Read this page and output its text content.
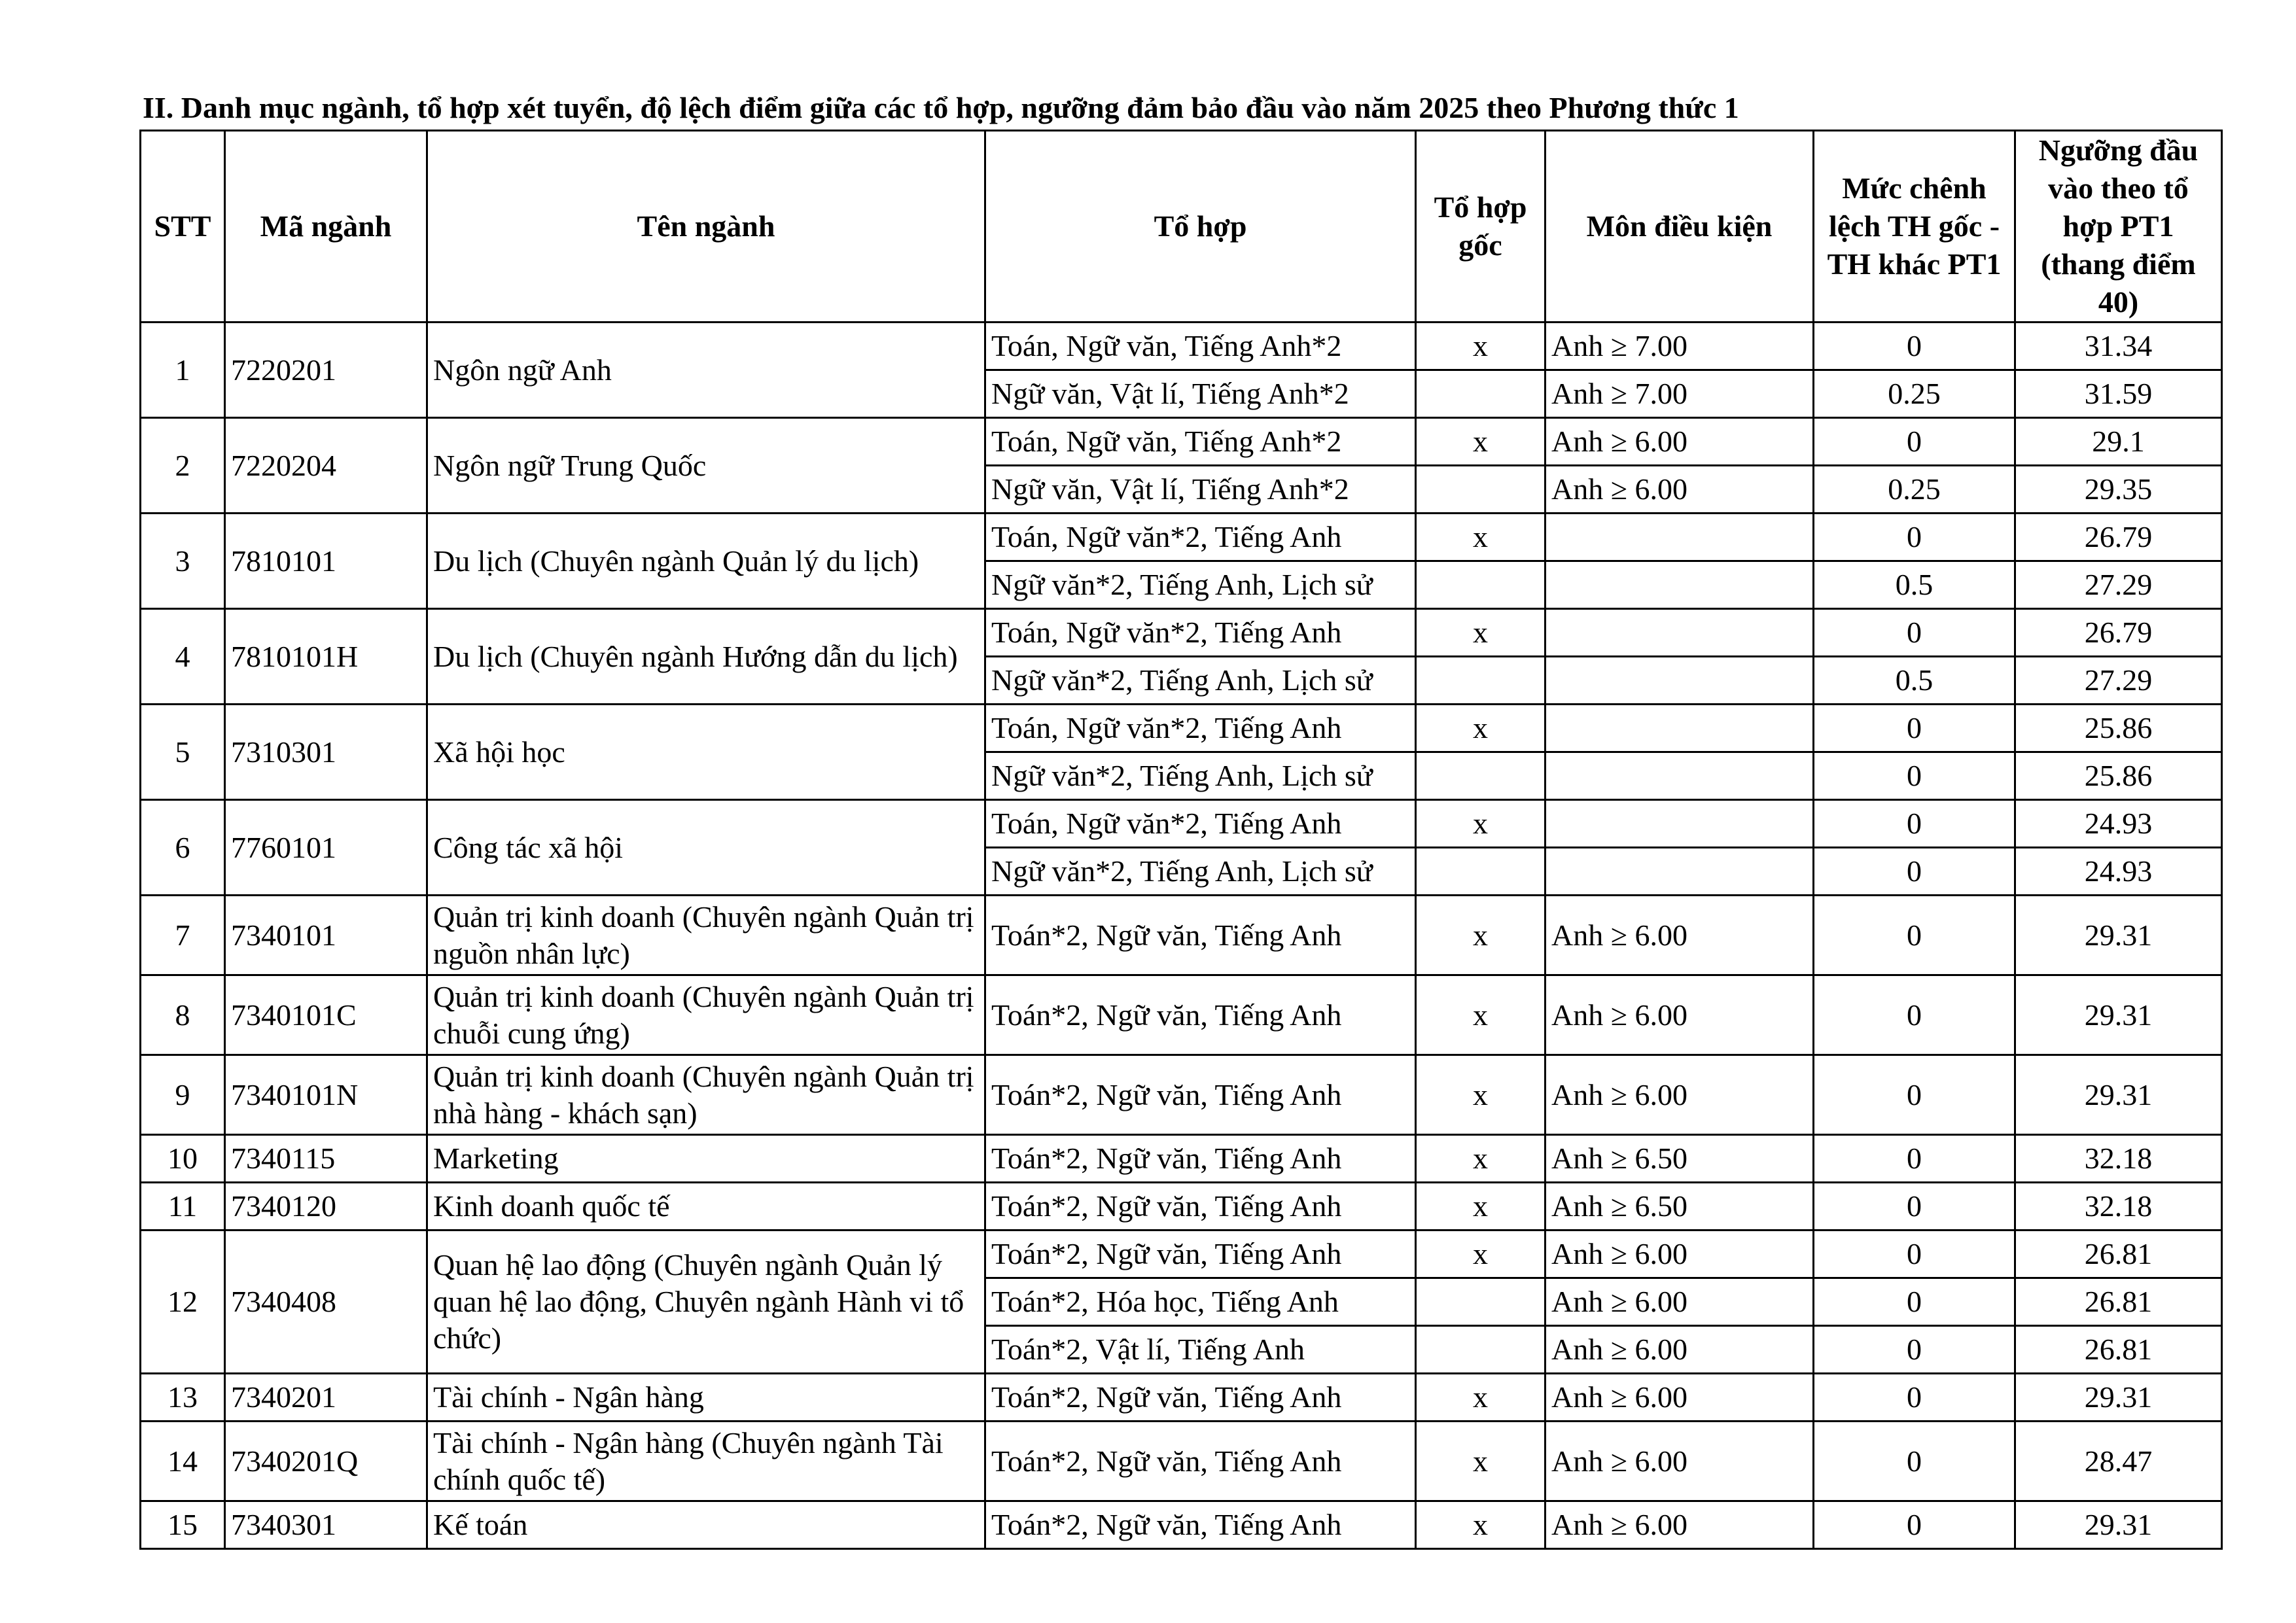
II. Danh mục ngành, tổ hợp xét tuyển, độ lệch điểm giữa các tổ hợp, ngưỡng đảm bảo đầu vào năm 2025 theo Phương thức 1
STT	Mã ngành	Tên ngành	Tổ hợp	Tổ hợp gốc	Môn điều kiện	Mức chênh lệch TH gốc - TH khác PT1	Ngưỡng đầu vào theo tổ hợp PT1 (thang điểm 40)
1	7220201	Ngôn ngữ Anh	Toán, Ngữ văn, Tiếng Anh*2	x	Anh ≥ 7.00	0	31.34
			Ngữ văn, Vật lí, Tiếng Anh*2		Anh ≥ 7.00	0.25	31.59
2	7220204	Ngôn ngữ Trung Quốc	Toán, Ngữ văn, Tiếng Anh*2	x	Anh ≥ 6.00	0	29.1
			Ngữ văn, Vật lí, Tiếng Anh*2		Anh ≥ 6.00	0.25	29.35
3	7810101	Du lịch (Chuyên ngành Quản lý du lịch)	Toán, Ngữ văn*2, Tiếng Anh	x		0	26.79
			Ngữ văn*2, Tiếng Anh, Lịch sử			0.5	27.29
4	7810101H	Du lịch (Chuyên ngành Hướng dẫn du lịch)	Toán, Ngữ văn*2, Tiếng Anh	x		0	26.79
			Ngữ văn*2, Tiếng Anh, Lịch sử			0.5	27.29
5	7310301	Xã hội học	Toán, Ngữ văn*2, Tiếng Anh	x		0	25.86
			Ngữ văn*2, Tiếng Anh, Lịch sử			0	25.86
6	7760101	Công tác xã hội	Toán, Ngữ văn*2, Tiếng Anh	x		0	24.93
			Ngữ văn*2, Tiếng Anh, Lịch sử			0	24.93
7	7340101	Quản trị kinh doanh (Chuyên ngành Quản trị nguồn nhân lực)	Toán*2, Ngữ văn, Tiếng Anh	x	Anh ≥ 6.00	0	29.31
8	7340101C	Quản trị kinh doanh (Chuyên ngành Quản trị chuỗi cung ứng)	Toán*2, Ngữ văn, Tiếng Anh	x	Anh ≥ 6.00	0	29.31
9	7340101N	Quản trị kinh doanh (Chuyên ngành Quản trị nhà hàng - khách sạn)	Toán*2, Ngữ văn, Tiếng Anh	x	Anh ≥ 6.00	0	29.31
10	7340115	Marketing	Toán*2, Ngữ văn, Tiếng Anh	x	Anh ≥ 6.50	0	32.18
11	7340120	Kinh doanh quốc tế	Toán*2, Ngữ văn, Tiếng Anh	x	Anh ≥ 6.50	0	32.18
12	7340408	Quan hệ lao động (Chuyên ngành Quản lý quan hệ lao động, Chuyên ngành Hành vi tổ chức)	Toán*2, Ngữ văn, Tiếng Anh	x	Anh ≥ 6.00	0	26.81
			Toán*2, Hóa học, Tiếng Anh		Anh ≥ 6.00	0	26.81
			Toán*2, Vật lí, Tiếng Anh		Anh ≥ 6.00	0	26.81
13	7340201	Tài chính - Ngân hàng	Toán*2, Ngữ văn, Tiếng Anh	x	Anh ≥ 6.00	0	29.31
14	7340201Q	Tài chính - Ngân hàng (Chuyên ngành Tài chính quốc tế)	Toán*2, Ngữ văn, Tiếng Anh	x	Anh ≥ 6.00	0	28.47
15	7340301	Kế toán	Toán*2, Ngữ văn, Tiếng Anh	x	Anh ≥ 6.00	0	29.31
